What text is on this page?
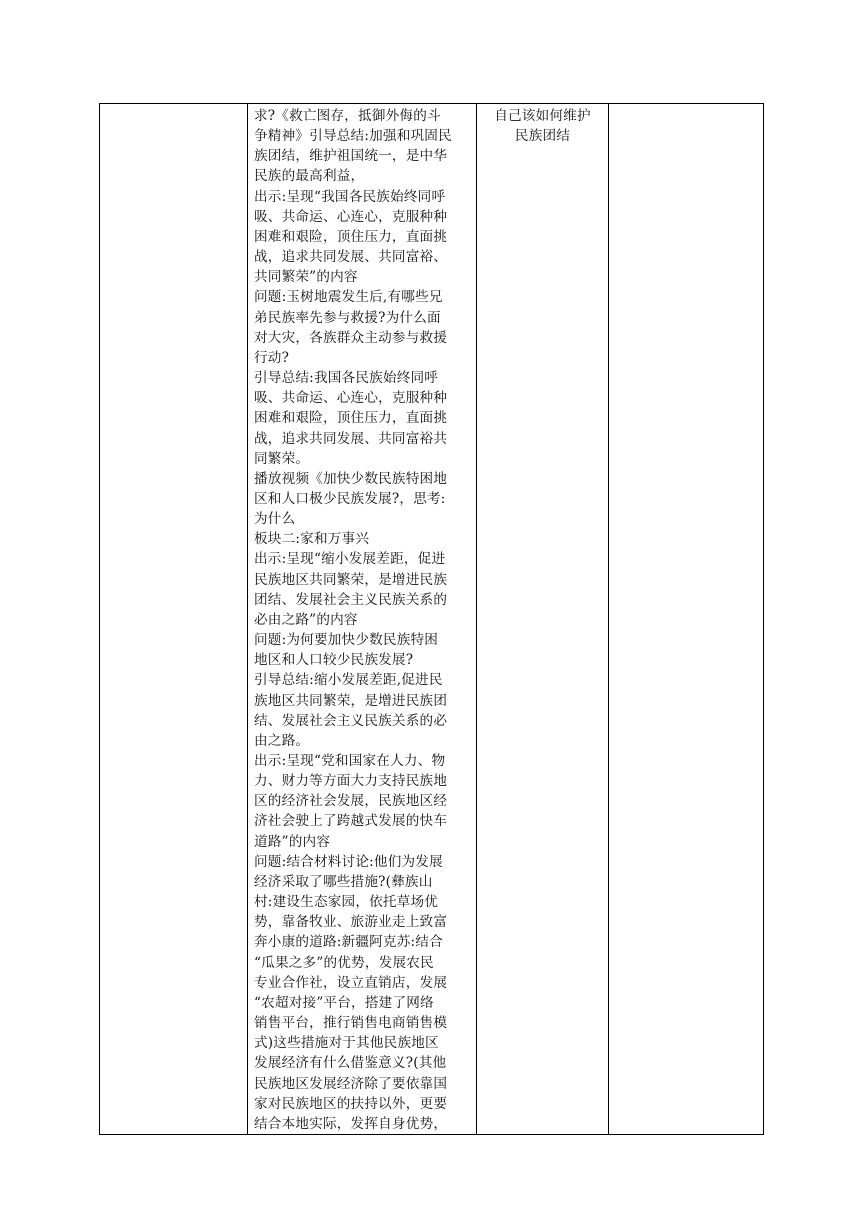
求?《救亡图存，抵御外侮的斗
争精神》引导总结:加强和巩固民
族团结，维护祖国统一，是中华
民族的最高利益，
出示:呈现“我国各民族始终同呼
吸、共命运、心连心，克服种种
困难和艰险，顶住压力，直面挑
战，追求共同发展、共同富裕、
共同繁荣”的内容
问题:玉树地震发生后,有哪些兄
弟民族率先参与救援?为什么面
对大灾，各族群众主动参与救援
行动?
引导总结:我国各民族始终同呼
吸、共命运、心连心，克服种种
困难和艰险，顶住压力，直面挑
战，追求共同发展、共同富裕共
同繁荣。
播放视频《加快少数民族特困地
区和人口极少民族发展?，思考:
为什么
板块二:家和万事兴
出示:呈现“缩小发展差距，促进
民族地区共同繁荣，是增进民族
团结、发展社会主义民族关系的
必由之路”的内容
问题:为何要加快少数民族特困
地区和人口较少民族发展?
引导总结:缩小发展差距,促进民
族地区共同繁荣，是增进民族团
结、发展社会主义民族关系的必
由之路。
出示:呈现“党和国家在人力、物
力、财力等方面大力支持民族地
区的经济社会发展，民族地区经
济社会驶上了跨越式发展的快车
道路”的内容
问题:结合材料讨论:他们为发展
经济采取了哪些措施?(彝族山
村:建设生态家园，依托草场优
势，靠备牧业、旅游业走上致富
奔小康的道路:新疆阿克苏:结合
“瓜果之多”的优势，发展农民
专业合作社，设立直销店，发展
“农超对接”平台，搭建了网络
销售平台，推行销售电商销售模
式)这些措施对于其他民族地区
发展经济有什么借鉴意义?(其他
民族地区发展经济除了要依靠国
家对民族地区的扶持以外，更要
结合本地实际，发挥自身优势，

自己该如何维护
民族团结
